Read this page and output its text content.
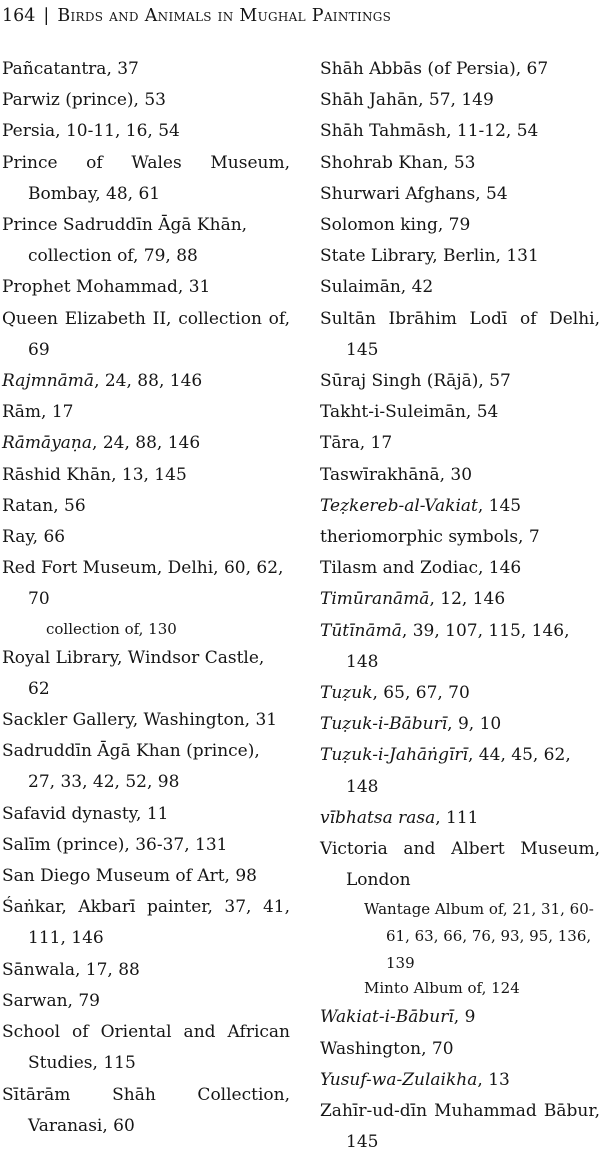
164 | Birds and Animals in Mughal Paintings
Pañcatantra, 37
Parwiz (prince), 53
Persia, 10-11, 16, 54
Prince of Wales Museum, Bombay, 48, 61
Prince Sadruddīn Āgā Khān, collection of, 79, 88
Prophet Mohammad, 31
Queen Elizabeth II, collection of, 69
Rajmnāmā, 24, 88, 146
Rām, 17
Rāmāyaṇa, 24, 88, 146
Rāshid Khān, 13, 145
Ratan, 56
Ray, 66
Red Fort Museum, Delhi, 60, 62, 70
collection of, 130
Royal Library, Windsor Castle, 62
Sackler Gallery, Washington, 31
Sadruddīn Āgā Khan (prince), 27, 33, 42, 52, 98
Safavid dynasty, 11
Salīm (prince), 36-37, 131
San Diego Museum of Art, 98
Śaṅkar, Akbarī painter, 37, 41, 111, 146
Sānwala, 17, 88
Sarwan, 79
School of Oriental and African Studies, 115
Sītārām Shāh Collection, Varanasi, 60
Shāh Abbās (of Persia), 67
Shāh Jahān, 57, 149
Shāh Tahmāsh, 11-12, 54
Shohrab Khan, 53
Shurwari Afghans, 54
Solomon king, 79
State Library, Berlin, 131
Sulaimān, 42
Sultān Ibrāhim Lodī of Delhi, 145
Sūraj Singh (Rājā), 57
Takht-i-Suleimān, 54
Tāra, 17
Taswīrakhānā, 30
Teẓkereb-al-Vakiat, 145
theriomorphic symbols, 7
Tilasm and Zodiac, 146
Timūranāmā, 12, 146
Tūtīnāmā, 39, 107, 115, 146, 148
Tuẓuk, 65, 67, 70
Tuẓuk-i-Bāburī, 9, 10
Tuẓuk-i-Jahāṅgīrī, 44, 45, 62, 148
vībhatsa rasa, 111
Victoria and Albert Museum, London
Wantage Album of, 21, 31, 60-61, 63, 66, 76, 93, 95, 136, 139
Minto Album of, 124
Wakiat-i-Bāburī, 9
Washington, 70
Yusuf-wa-Zulaikha, 13
Zahīr-ud-dīn Muhammad Bābur, 145
